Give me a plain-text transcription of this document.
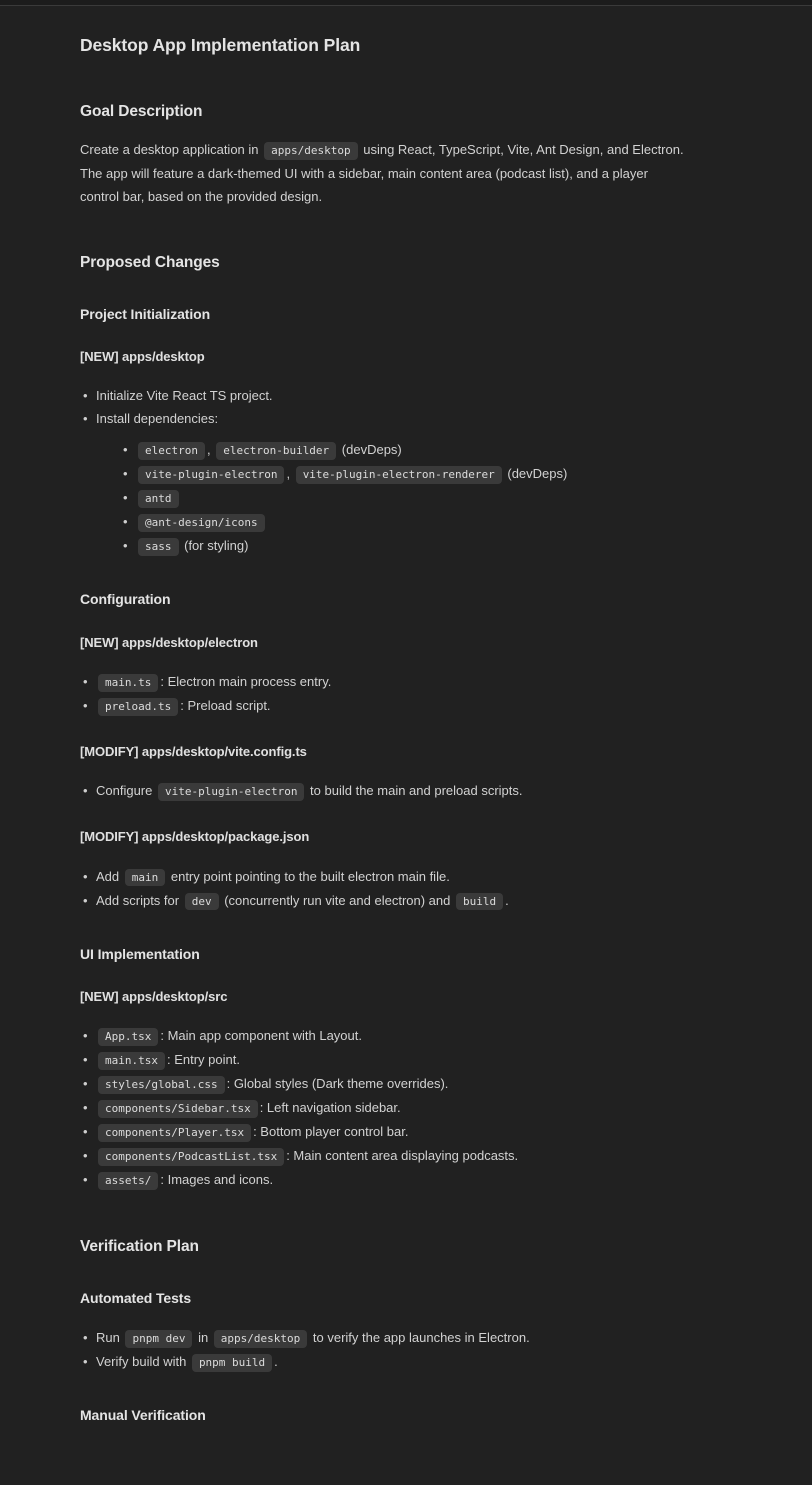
Desktop App Implementation Plan
Goal Description

Create a desktop application in apps/desktop using React, TypeScript, Vite, Ant Design, and Electron. The app will feature a dark-themed UI with a sidebar, main content area (podcast list), and a player control bar, based on the provided design.

Proposed Changes
Project Initialization
[NEW] apps/desktop
• Initialize Vite React TS project.
• Install dependencies:
• electron , electron-builder (devDeps)
• vite-plugin-electron , vite-plugin-electron-renderer (devDeps)
• antd
• @ant-design/icons
• sass (for styling)
Configuration
[NEW] apps/desktop/electron
• main.ts : Electron main process entry.
• preload.ts : Preload script.
[MODIFY] apps/desktop/vite.config.ts
• Configure vite-plugin-electron to build the main and preload scripts.
[MODIFY] apps/desktop/package.json
• Add main entry point pointing to the built electron main file.
• Add scripts for dev (concurrently run vite and electron) and build .
UI Implementation
[NEW] apps/desktop/src
• App.tsx : Main app component with Layout.
• main.tsx : Entry point.
• styles/global.css : Global styles (Dark theme overrides).
• components/Sidebar.tsx : Left navigation sidebar.
• components/Player.tsx : Bottom player control bar.
• components/PodcastList.tsx : Main content area displaying podcasts.
• assets/ : Images and icons.
Verification Plan
Automated Tests
• Run pnpm dev in apps/desktop to verify the app launches in Electron.
• Verify build with pnpm build .
Manual Verification
